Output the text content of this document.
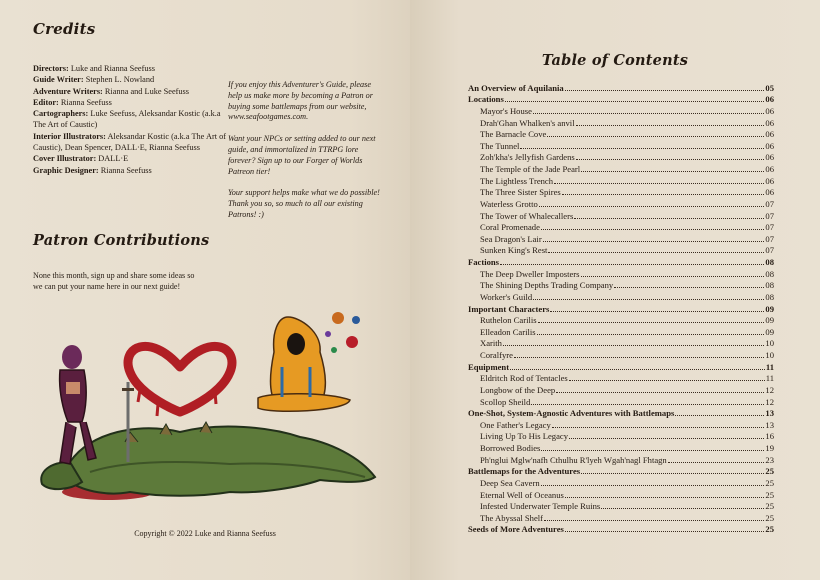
Credits

Directors: Luke and Rianna Seefuss

Guide Writer: Stephen L. Nowland

Adventure Writers: Rianna and Luke Seefuss

Editor: Rianna Seefuss

Cartographers: Luke Seefuss, Aleksandar Kostic (a.k.a The Art of Caustic)

Interior Illustrators: Aleksandar Kostic (a.k.a The Art of Caustic), Dean Spencer, DALL·E, Rianna Seefuss

Cover Illustrator: DALL·E

Graphic Designer: Rianna Seefuss

If you enjoy this Adventurer's Guide, please help us make more by becoming a Patron or buying some battlemaps from our website, www.seafootgames.com.

Want your NPCs or setting added to our next guide, and immortalized in TTRPG lore forever? Sign up to our Forger of Worlds Patreon tier!

Your support helps make what we do possible! Thank you so, so much to all our existing Patrons! :)

Patron Contributions

None this month, sign up and share some ideas so we can put your name here in our next guide!

Copyright © 2022 Luke and Rianna Seefuss
Table of Contents
An Overview of Aquilania	05
Locations	06
Mayor's House	06
Drah'Ghan Whalken's anvil	06
The Barnacle Cove	06
The Tunnel	06
Zoh'kha's Jellyfish Gardens	06
The Temple of the Jade Pearl	06
The Lightless Trench	06
The Three Sister Spires	06
Waterless Grotto	07
The Tower of Whalecallers	07
Coral Promenade	07
Sea Dragon's Lair	07
Sunken King's Rest	07
Factions	08
The Deep Dweller Imposters	08
The Shining Depths Trading Company	08
Worker's Guild	08
Important Characters	09
Ruthelon Carilis	09
Elleadon Carilis	09
Xarith	10
Coralfyre	10
Equipment	11
Eldritch Rod of Tentacles	11
Longbow of the Deep	12
Scollop Sheild	12
One-Shot, System-Agnostic Adventures with Battlemaps	13
One Father's Legacy	13
Living Up To His Legacy	16
Borrowed Bodies	19
Ph'nglui Mglw'nafh Cthulhu R'lyeh Wgah'nagl Fhtagn	23
Battlemaps for the Adventures	25
Deep Sea Cavern	25
Eternal Well of Oceanus	25
Infested Underwater Temple Ruins	25
The Abyssal Shelf	25
Seeds of More Adventures	25
